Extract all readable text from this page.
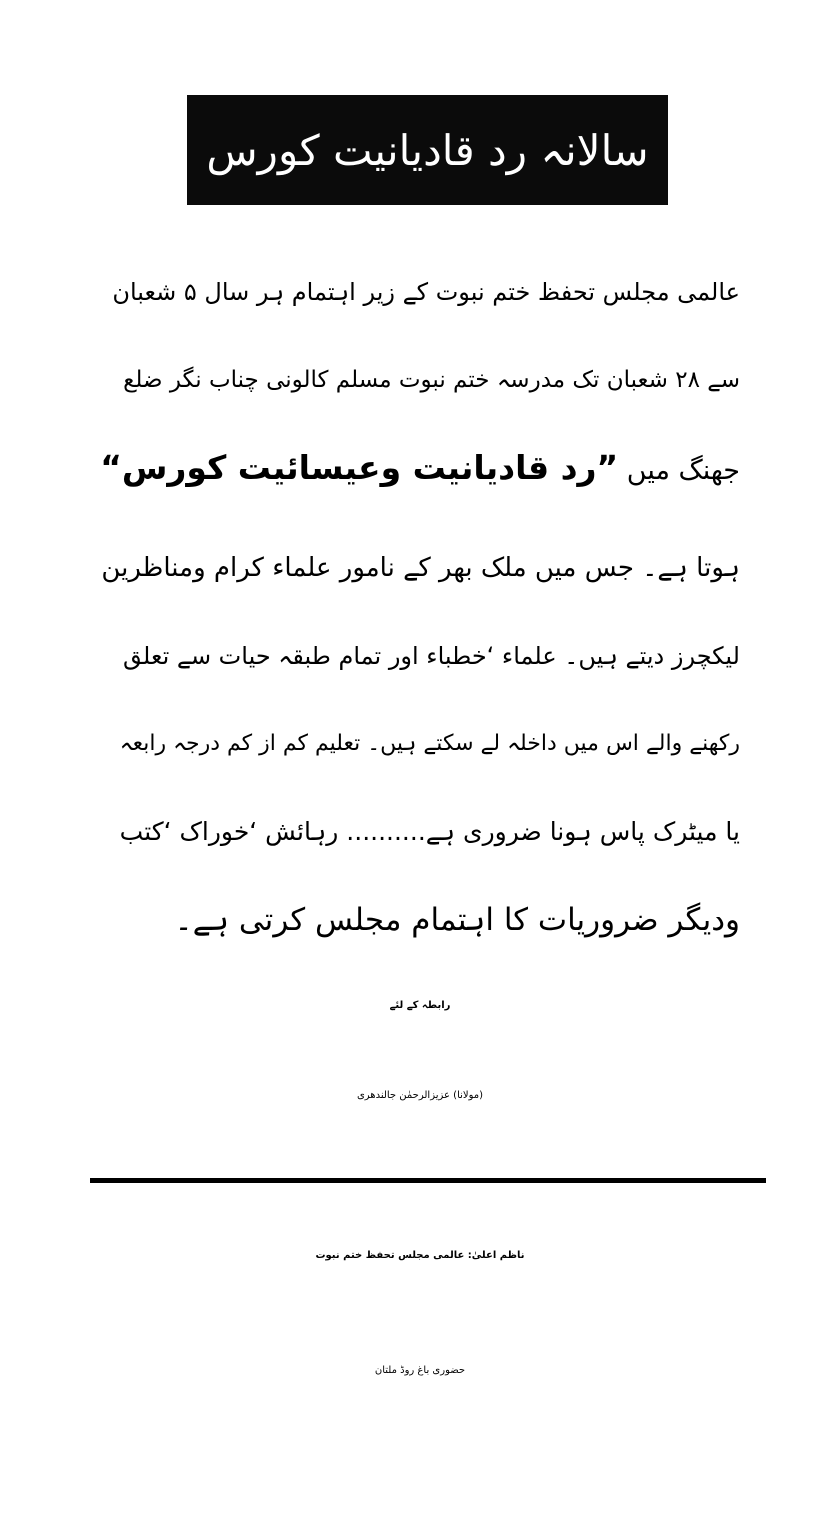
سالانہ رد قادیانیت کورس
عالمی مجلس تحفظ ختم نبوت کے زیر اہتمام ہر سال ۵ شعبان
سے ۲۸ شعبان تک مدرسہ ختم نبوت مسلم کالونی چناب نگر ضلع
جھنگ میں ”رد قادیانیت وعیسائیت کورس“
ہوتا ہے۔ جس میں ملک بھر کے نامور علماء کرام ومناظرین
لیکچرز دیتے ہیں۔ علماء ‘خطباء اور تمام طبقہ حیات سے تعلق
رکھنے والے اس میں داخلہ لے سکتے ہیں۔ تعلیم کم از کم درجہ رابعہ
یا میٹرک پاس ہونا ضروری ہے.......... رہائش ‘خوراک ‘کتب
ودیگر ضروریات کا اہتمام مجلس کرتی ہے۔
رابطہ کے لئے
(مولانا) عزیزالرحمٰن جالندھری
ناظم اعلیٰ: عالمی مجلس تحفظ ختم نبوت
حضوری باغ روڈ ملتان
